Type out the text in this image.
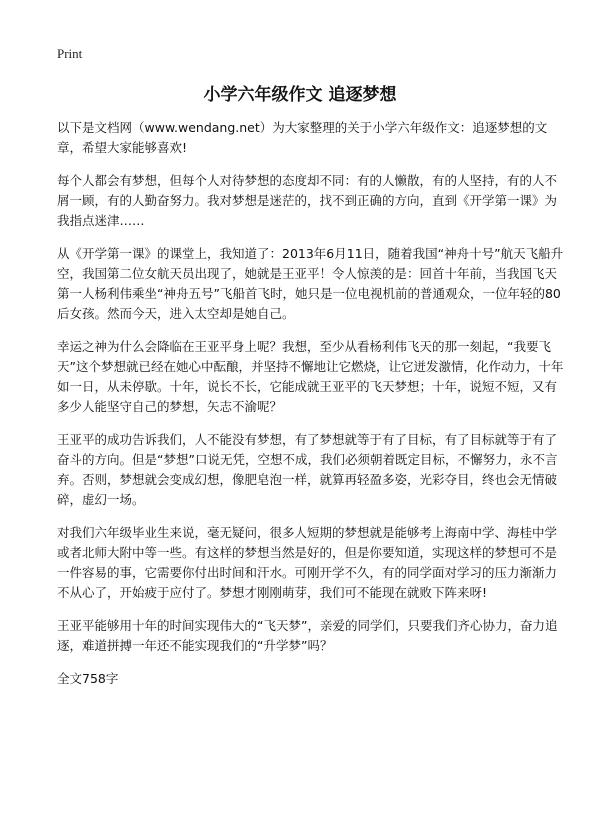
Print
小学六年级作文 追逐梦想

以下是文档网（www.wendang.net）为大家整理的关于小学六年级作文：追逐梦想的文章，希望大家能够喜欢!

每个人都会有梦想，但每个人对待梦想的态度却不同：有的人懒散，有的人坚持，有的人不屑一顾，有的人勤奋努力。我对梦想是迷茫的，找不到正确的方向，直到《开学第一课》为我指点迷津……

从《开学第一课》的课堂上，我知道了：2013年6月11日，随着我国“神舟十号”航天飞船升空，我国第二位女航天员出现了，她就是王亚平！令人惊羡的是：回首十年前，当我国飞天第一人杨利伟乘坐“神舟五号”飞船首飞时，她只是一位电视机前的普通观众，一位年轻的80后女孩。然而今天，进入太空却是她自己。

幸运之神为什么会降临在王亚平身上呢？我想，至少从看杨利伟飞天的那一刻起，“我要飞天”这个梦想就已经在她心中酝酿，并坚持不懈地让它燃烧，让它迸发激情，化作动力，十年如一日，从未停歇。十年，说长不长，它能成就王亚平的飞天梦想；十年，说短不短，又有多少人能坚守自己的梦想，矢志不渝呢？

王亚平的成功告诉我们，人不能没有梦想，有了梦想就等于有了目标，有了目标就等于有了奋斗的方向。但是“梦想”口说无凭，空想不成，我们必须朝着既定目标，不懈努力，永不言弃。否则，梦想就会变成幻想，像肥皂泡一样，就算再轻盈多姿，光彩夺目，终也会无情破碎，虚幻一场。

对我们六年级毕业生来说，毫无疑问，很多人短期的梦想就是能够考上海南中学、海桂中学或者北师大附中等一些。有这样的梦想当然是好的，但是你要知道，实现这样的梦想可不是一件容易的事，它需要你付出时间和汗水。可刚开学不久，有的同学面对学习的压力渐渐力不从心了，开始疲于应付了。梦想才刚刚萌芽，我们可不能现在就败下阵来呀!

王亚平能够用十年的时间实现伟大的“飞天梦”，亲爱的同学们，只要我们齐心协力，奋力追逐，难道拼搏一年还不能实现我们的“升学梦”吗？

全文758字
